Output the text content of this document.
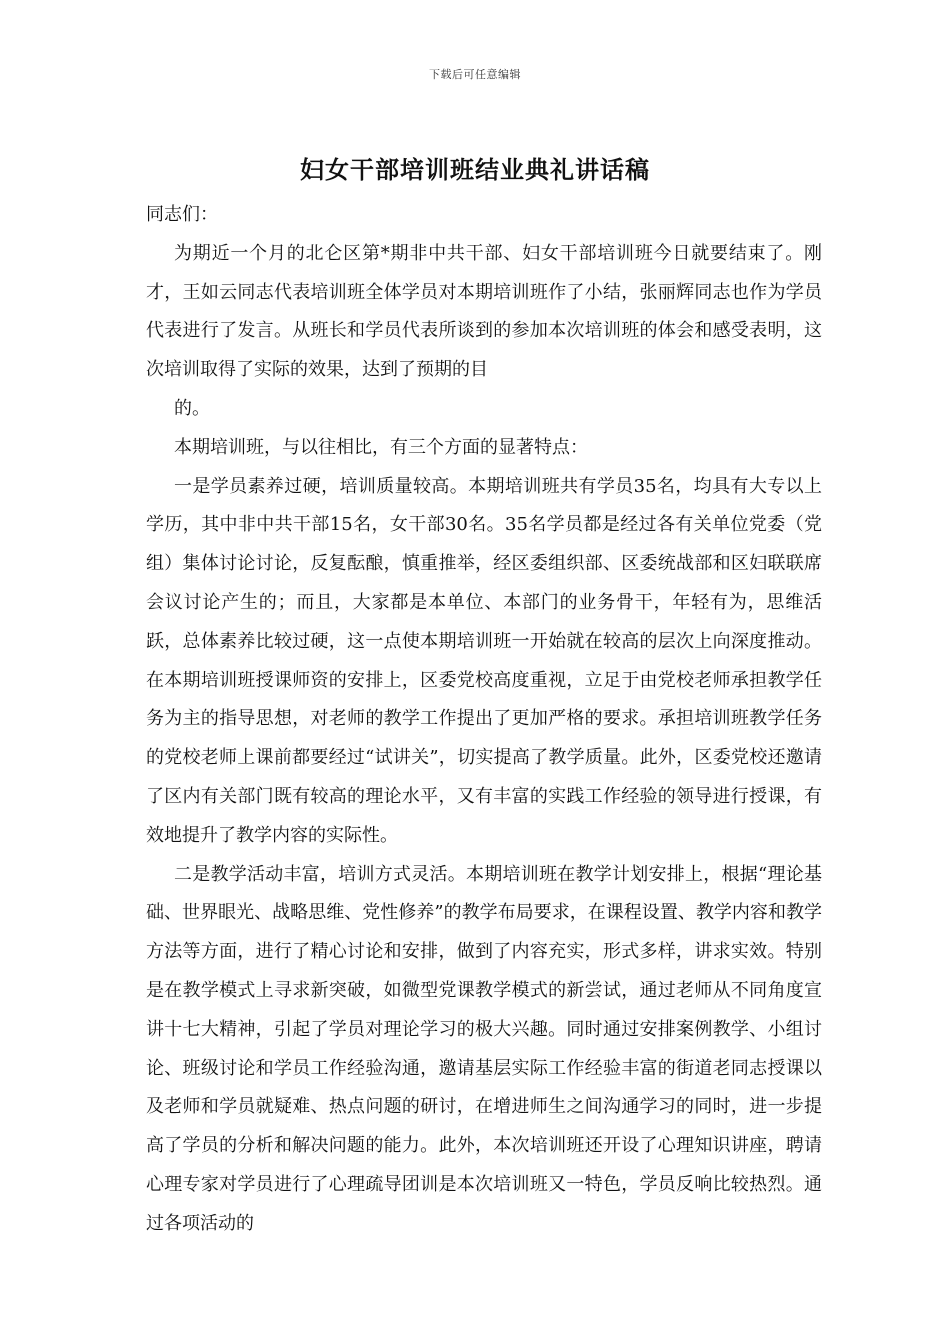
下载后可任意编辑
妇女干部培训班结业典礼讲话稿

同志们：

为期近一个月的北仑区第*期非中共干部、妇女干部培训班今日就要结束了。刚才，王如云同志代表培训班全体学员对本期培训班作了小结，张丽辉同志也作为学员代表进行了发言。从班长和学员代表所谈到的参加本次培训班的体会和感受表明，这次培训取得了实际的效果，达到了预期的目

的。

本期培训班，与以往相比，有三个方面的显著特点：

一是学员素养过硬，培训质量较高。本期培训班共有学员35名，均具有大专以上学历，其中非中共干部15名，女干部30名。35名学员都是经过各有关单位党委（党组）集体讨论讨论，反复酝酿，慎重推举，经区委组织部、区委统战部和区妇联联席会议讨论产生的；而且，大家都是本单位、本部门的业务骨干，年轻有为，思维活跃，总体素养比较过硬，这一点使本期培训班一开始就在较高的层次上向深度推动。在本期培训班授课师资的安排上，区委党校高度重视，立足于由党校老师承担教学任务为主的指导思想，对老师的教学工作提出了更加严格的要求。承担培训班教学任务的党校老师上课前都要经过“试讲关”，切实提高了教学质量。此外，区委党校还邀请了区内有关部门既有较高的理论水平，又有丰富的实践工作经验的领导进行授课，有效地提升了教学内容的实际性。

二是教学活动丰富，培训方式灵活。本期培训班在教学计划安排上，根据“理论基础、世界眼光、战略思维、党性修养”的教学布局要求，在课程设置、教学内容和教学方法等方面，进行了精心讨论和安排，做到了内容充实，形式多样，讲求实效。特别是在教学模式上寻求新突破，如微型党课教学模式的新尝试，通过老师从不同角度宣讲十七大精神，引起了学员对理论学习的极大兴趣。同时通过安排案例教学、小组讨论、班级讨论和学员工作经验沟通，邀请基层实际工作经验丰富的街道老同志授课以及老师和学员就疑难、热点问题的研讨，在增进师生之间沟通学习的同时，进一步提高了学员的分析和解决问题的能力。此外，本次培训班还开设了心理知识讲座，聘请心理专家对学员进行了心理疏导团训是本次培训班又一特色，学员反响比较热烈。通过各项活动的
